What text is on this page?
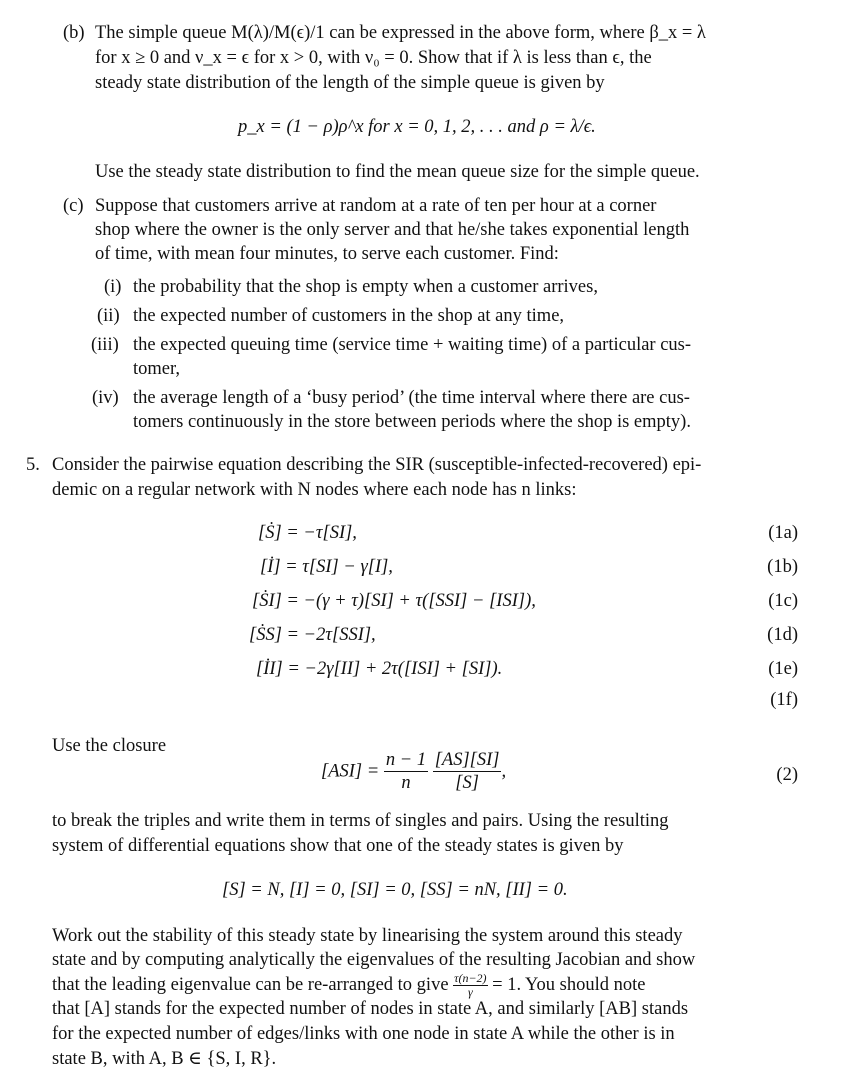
(b) The simple queue M(λ)/M(ϵ)/1 can be expressed in the above form, where β_x = λ
for x ≥ 0 and ν_x = ϵ for x > 0, with ν₀ = 0. Show that if λ is less than ϵ, the
steady state distribution of the length of the simple queue is given by
p_x = (1 − ρ)ρ^x for x = 0, 1, 2, . . . and ρ = λ/ϵ.
Use the steady state distribution to find the mean queue size for the simple queue.
(c) Suppose that customers arrive at random at a rate of ten per hour at a corner
shop where the owner is the only server and that he/she takes exponential length
of time, with mean four minutes, to serve each customer. Find:
(i) the probability that the shop is empty when a customer arrives,
(ii) the expected number of customers in the shop at any time,
(iii) the expected queuing time (service time + waiting time) of a particular cus-
tomer,
(iv) the average length of a ‘busy period’ (the time interval where there are cus-
tomers continuously in the store between periods where the shop is empty).
5. Consider the pairwise equation describing the SIR (susceptible-infected-recovered) epi-
demic on a regular network with N nodes where each node has n links:
[Ṡ] = −τ[SI],	(1a)
[İ] = τ[SI] − γ[I],	(1b)
[ṠI] = −(γ + τ)[SI] + τ([SSI] − [ISI]),	(1c)
[ṠS] = −2τ[SSI],	(1d)
[İI] = −2γ[II] + 2τ([ISI] + [SI]).	(1e)
(1f)
Use the closure
$[ASI] = \frac{n - 1}{n}$
$\frac{[AS][SI]}{[S]}$ ,	(2)
to break the triples and write them in terms of singles and pairs. Using the resulting
system of differential equations show that one of the steady states is given by
[S] = N, [I] = 0, [SI] = 0, [SS] = nN, [II] = 0.
Work out the stability of this steady state by linearising the system around this steady
state and by computing analytically the eigenvalues of the resulting Jacobian and show
that the leading eigenvalue can be re-arranged to give $\frac{\tau(n-2)}{\gamma} = 1$. You should note
that [A] stands for the expected number of nodes in state A, and similarly [AB] stands
for the expected number of edges/links with one node in state A while the other is in
state B, with A, B ∈ {S, I, R}.
